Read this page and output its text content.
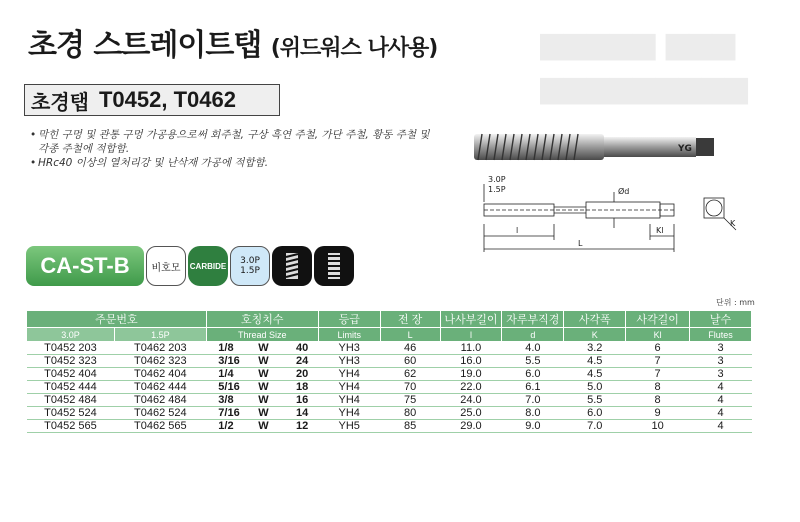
초경 스트레이트탭 (위드워스 나사용)	▆▆▆▆▆ ▆▆▆
▆▆▆▆▆▆▆▆▆
초경탭 T0452, T0462
• 막힌 구멍 및 관통 구멍 가공용으로써 회주철, 구상 흑연 주철, 가단 주철, 황동 주철 및 각종 주철에 적합함.
• HRc40 이상의 열처리강 및 난삭재 가공에 적합함.
YG
3.0P
1.5P	Ød
l
L
Kl
K
CA-ST-B	비호모	CARBIDE 3.0P
1.5P
단위 : mm
주문번호		호칭치수	등급	전 장	나사부길이	자루부직경	사각폭	사각길이	날수
3.0P	1.5P	Thread Size	Limits	L	l	d	K	Kl	Flutes
T0452 203	T0462 203	1/8 W 40	YH3	46	11.0	4.0	3.2	6	3
T0452 323	T0462 323	3/16 W 24	YH3	60	16.0	5.5	4.5	7	3
T0452 404	T0462 404	1/4 W 20	YH4	62	19.0	6.0	4.5	7	3
T0452 444	T0462 444	5/16 W 18	YH4	70	22.0	6.1	5.0	8	4
T0452 484	T0462 484	3/8 W 16	YH4	75	24.0	7.0	5.5	8	4
T0452 524	T0462 524	7/16 W 14	YH4	80	25.0	8.0	6.0	9	4
T0452 565	T0462 565	1/2 W 12	YH5	85	29.0	9.0	7.0	10	4
